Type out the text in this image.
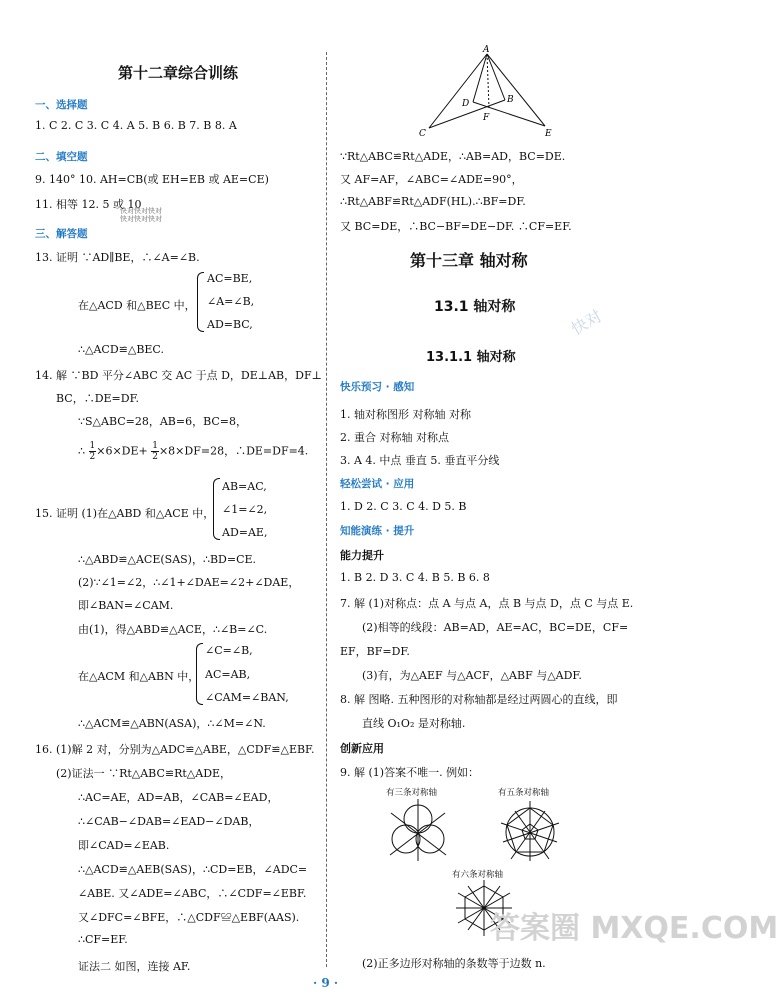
第十二章综合训练
一、选择题
1. C 2. C 3. C 4. A 5. B 6. B 7. B 8. A
二、填空题
9. 140° 10. AH=CB(或 EH=EB 或 AE=CE)
11. 相等 12. 5 或 10
快对快对快对
快对快对快对
三、解答题
13. 证明 ∵AD∥BE，∴∠A=∠B.
在△ACD 和△BEC 中，
AC=BE,
∠A=∠B,
AD=BC,
∴△ACD≌△BEC.
14. 解 ∵BD 平分∠ABC 交 AC 于点 D，DE⊥AB，DF⊥
BC，∴DE=DF.
∵S△ABC=28，AB=6，BC=8，
∴ $\frac{1}{2} \times 6\times DE+ \frac{1}{2} \times 8\times DF=28$，∴DE=DF=4.
15. 证明 (1)在△ABD 和△ACE 中，
AB=AC,
∠1=∠2,
AD=AE,
∴△ABD≌△ACE(SAS)，∴BD=CE.
(2)∵∠1=∠2，∴∠1+∠DAE=∠2+∠DAE，
即∠BAN=∠CAM.
由(1)，得△ABD≌△ACE，∴∠B=∠C.
在△ACM 和△ABN 中，
∠C=∠B,
AC=AB,
∠CAM=∠BAN,
∴△ACM≌△ABN(ASA)，∴∠M=∠N.
16. (1)解 2 对，分别为△ADC≌△ABE，△CDF≌△EBF.
(2)证法一 ∵Rt△ABC≌Rt△ADE，
∴AC=AE，AD=AB，∠CAB=∠EAD，
∴∠CAB−∠DAB=∠EAD−∠DAB，
即∠CAD=∠EAB.
∴△ACD≌△AEB(SAS)，∴CD=EB，∠ADC=
∠ABE. 又∠ADE=∠ABC，∴∠CDF=∠EBF.
又∠DFC=∠BFE，∴△CDF≌△EBF(AAS).
∴CF=EF.
证法二 如图，连接 AF.
A
B
C
D
E
F
∵Rt△ABC≌Rt△ADE，∴AB=AD，BC=DE.
又 AF=AF，∠ABC=∠ADE=90°，
∴Rt△ABF≌Rt△ADF(HL).∴BF=DF.
又 BC=DE，∴BC−BF=DE−DF. ∴CF=EF.
第十三章 轴对称
13.1 轴对称
13.1.1 轴对称
快对
快乐预习 · 感知
1. 轴对称图形 对称轴 对称
2. 重合 对称轴 对称点
3. A 4. 中点 垂直 5. 垂直平分线
轻松尝试 · 应用
1. D 2. C 3. C 4. D 5. B
知能演练 · 提升
能力提升
1. B 2. D 3. C 4. B 5. B 6. 8
7. 解 (1)对称点：点 A 与点 A，点 B 与点 D，点 C 与点 E.
(2)相等的线段：AB=AD，AE=AC，BC=DE，CF=
EF，BF=DF.
(3)有，为△AEF 与△ACF，△ABF 与△ADF.
8. 解 图略. 五种图形的对称轴都是经过两圆心的直线，即
直线 O₁O₂ 是对称轴.
创新应用
9. 解 (1)答案不唯一. 例如：
有三条对称轴	有五条对称轴
有六条对称轴
(2)正多边形对称轴的条数等于边数 n.
答案圈 MXQE.COM
· 9 ·
